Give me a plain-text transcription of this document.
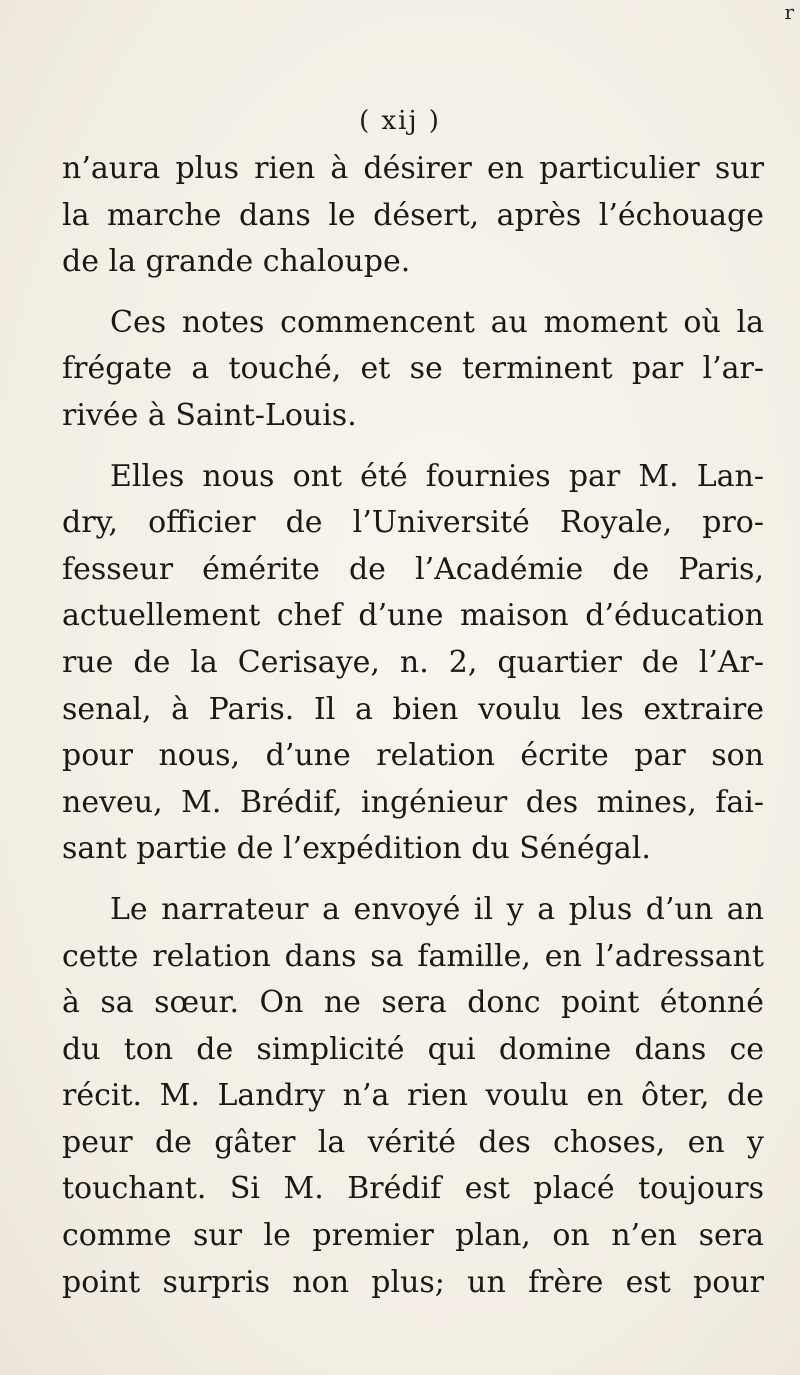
r
( xij )

n’aura plus rien à désirer en particulier sur
la marche dans le désert, après l’échouage
de la grande chaloupe.

Ces notes commencent au moment où la
frégate a touché, et se terminent par l’ar-
rivée à Saint-Louis.

Elles nous ont été fournies par M. Lan-
dry, officier de l’Université Royale, pro-
fesseur émérite de l’Académie de Paris,
actuellement chef d’une maison d’éducation
rue de la Cerisaye, n. 2, quartier de l’Ar-
senal, à Paris. Il a bien voulu les extraire
pour nous, d’une relation écrite par son
neveu, M. Brédif, ingénieur des mines, fai-
sant partie de l’expédition du Sénégal.

Le narrateur a envoyé il y a plus d’un an
cette relation dans sa famille, en l’adressant
à sa sœur. On ne sera donc point étonné
du ton de simplicité qui domine dans ce
récit. M. Landry n’a rien voulu en ôter, de
peur de gâter la vérité des choses, en y
touchant. Si M. Brédif est placé toujours
comme sur le premier plan, on n’en sera
point surpris non plus; un frère est pour
